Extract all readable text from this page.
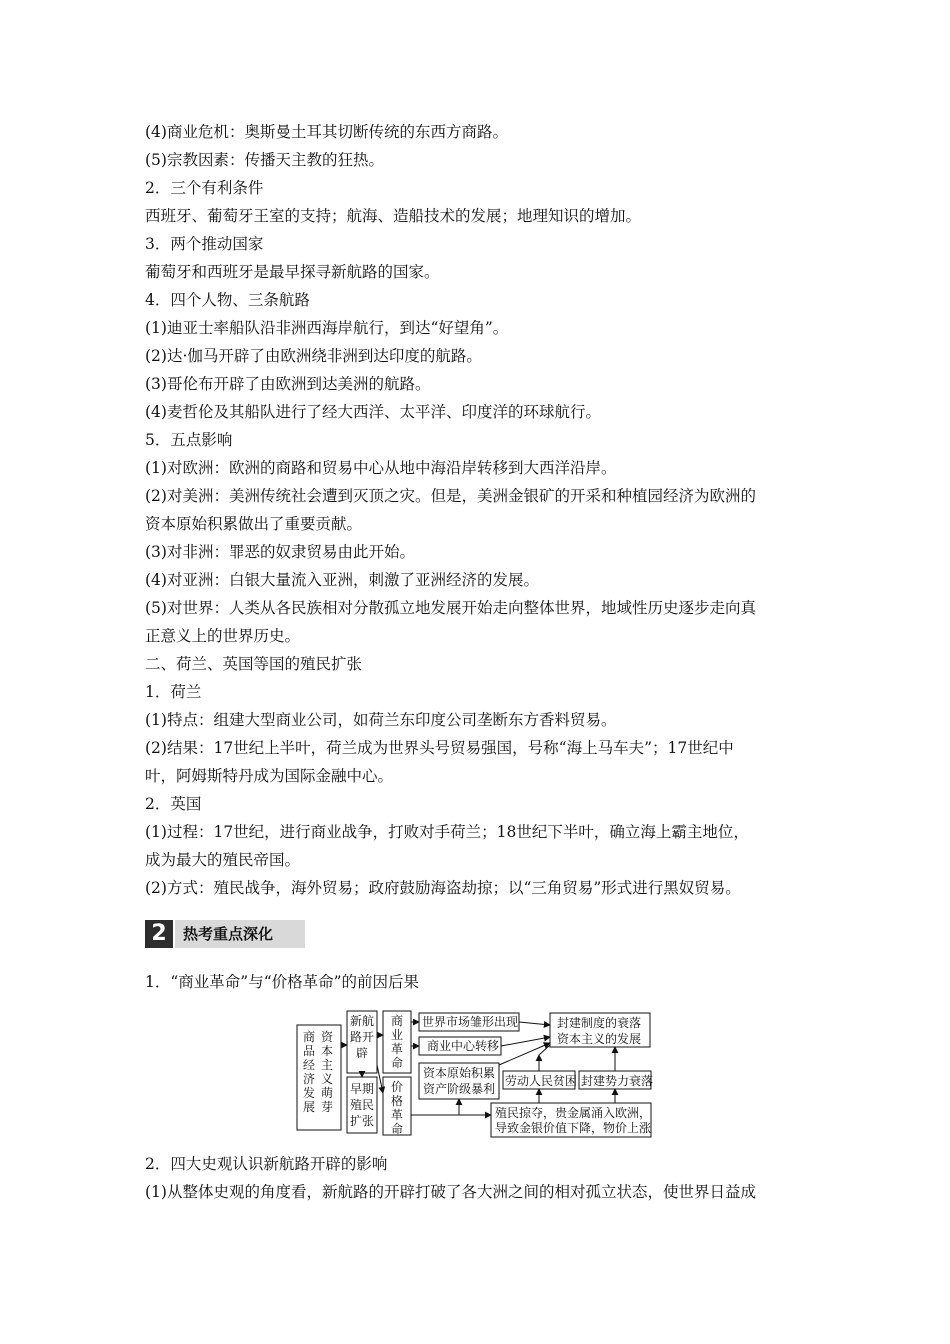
(4)商业危机：奥斯曼土耳其切断传统的东西方商路。
(5)宗教因素：传播天主教的狂热。
2．三个有利条件
西班牙、葡萄牙王室的支持；航海、造船技术的发展；地理知识的增加。
3．两个推动国家
葡萄牙和西班牙是最早探寻新航路的国家。
4．四个人物、三条航路
(1)迪亚士率船队沿非洲西海岸航行，到达“好望角”。
(2)达·伽马开辟了由欧洲绕非洲到达印度的航路。
(3)哥伦布开辟了由欧洲到达美洲的航路。
(4)麦哲伦及其船队进行了经大西洋、太平洋、印度洋的环球航行。
5．五点影响
(1)对欧洲：欧洲的商路和贸易中心从地中海沿岸转移到大西洋沿岸。
(2)对美洲：美洲传统社会遭到灭顶之灾。但是，美洲金银矿的开采和种植园经济为欧洲的
资本原始积累做出了重要贡献。
(3)对非洲：罪恶的奴隶贸易由此开始。
(4)对亚洲：白银大量流入亚洲，刺激了亚洲经济的发展。
(5)对世界：人类从各民族相对分散孤立地发展开始走向整体世界，地域性历史逐步走向真
正意义上的世界历史。
二、荷兰、英国等国的殖民扩张
1．荷兰
(1)特点：组建大型商业公司，如荷兰东印度公司垄断东方香料贸易。
(2)结果：17世纪上半叶，荷兰成为世界头号贸易强国，号称“海上马车夫”；17世纪中
叶，阿姆斯特丹成为国际金融中心。
2．英国
(1)过程：17世纪，进行商业战争，打败对手荷兰；18世纪下半叶，确立海上霸主地位，
成为最大的殖民帝国。
(2)方式：殖民战争，海外贸易；政府鼓励海盗劫掠；以“三角贸易”形式进行黑奴贸易。
2	热考重点深化
1．“商业革命”与“价格革命”的前因后果
资
本
主
义
萌
芽
商
品
经
济
发
展
新航
路开
辟
早期
殖民
扩张
商
业
革
命
价
格
革
命
世界市场雏形出现
商业中心转移
封建制度的衰落
资本主义的发展
资本原始积累
资产阶级暴利
劳动人民贫困 封建势力衰落
殖民掠夺，贵金属涌入欧洲，
导致金银价值下降，物价上涨
2．四大史观认识新航路开辟的影响
(1)从整体史观的角度看，新航路的开辟打破了各大洲之间的相对孤立状态，使世界日益成
